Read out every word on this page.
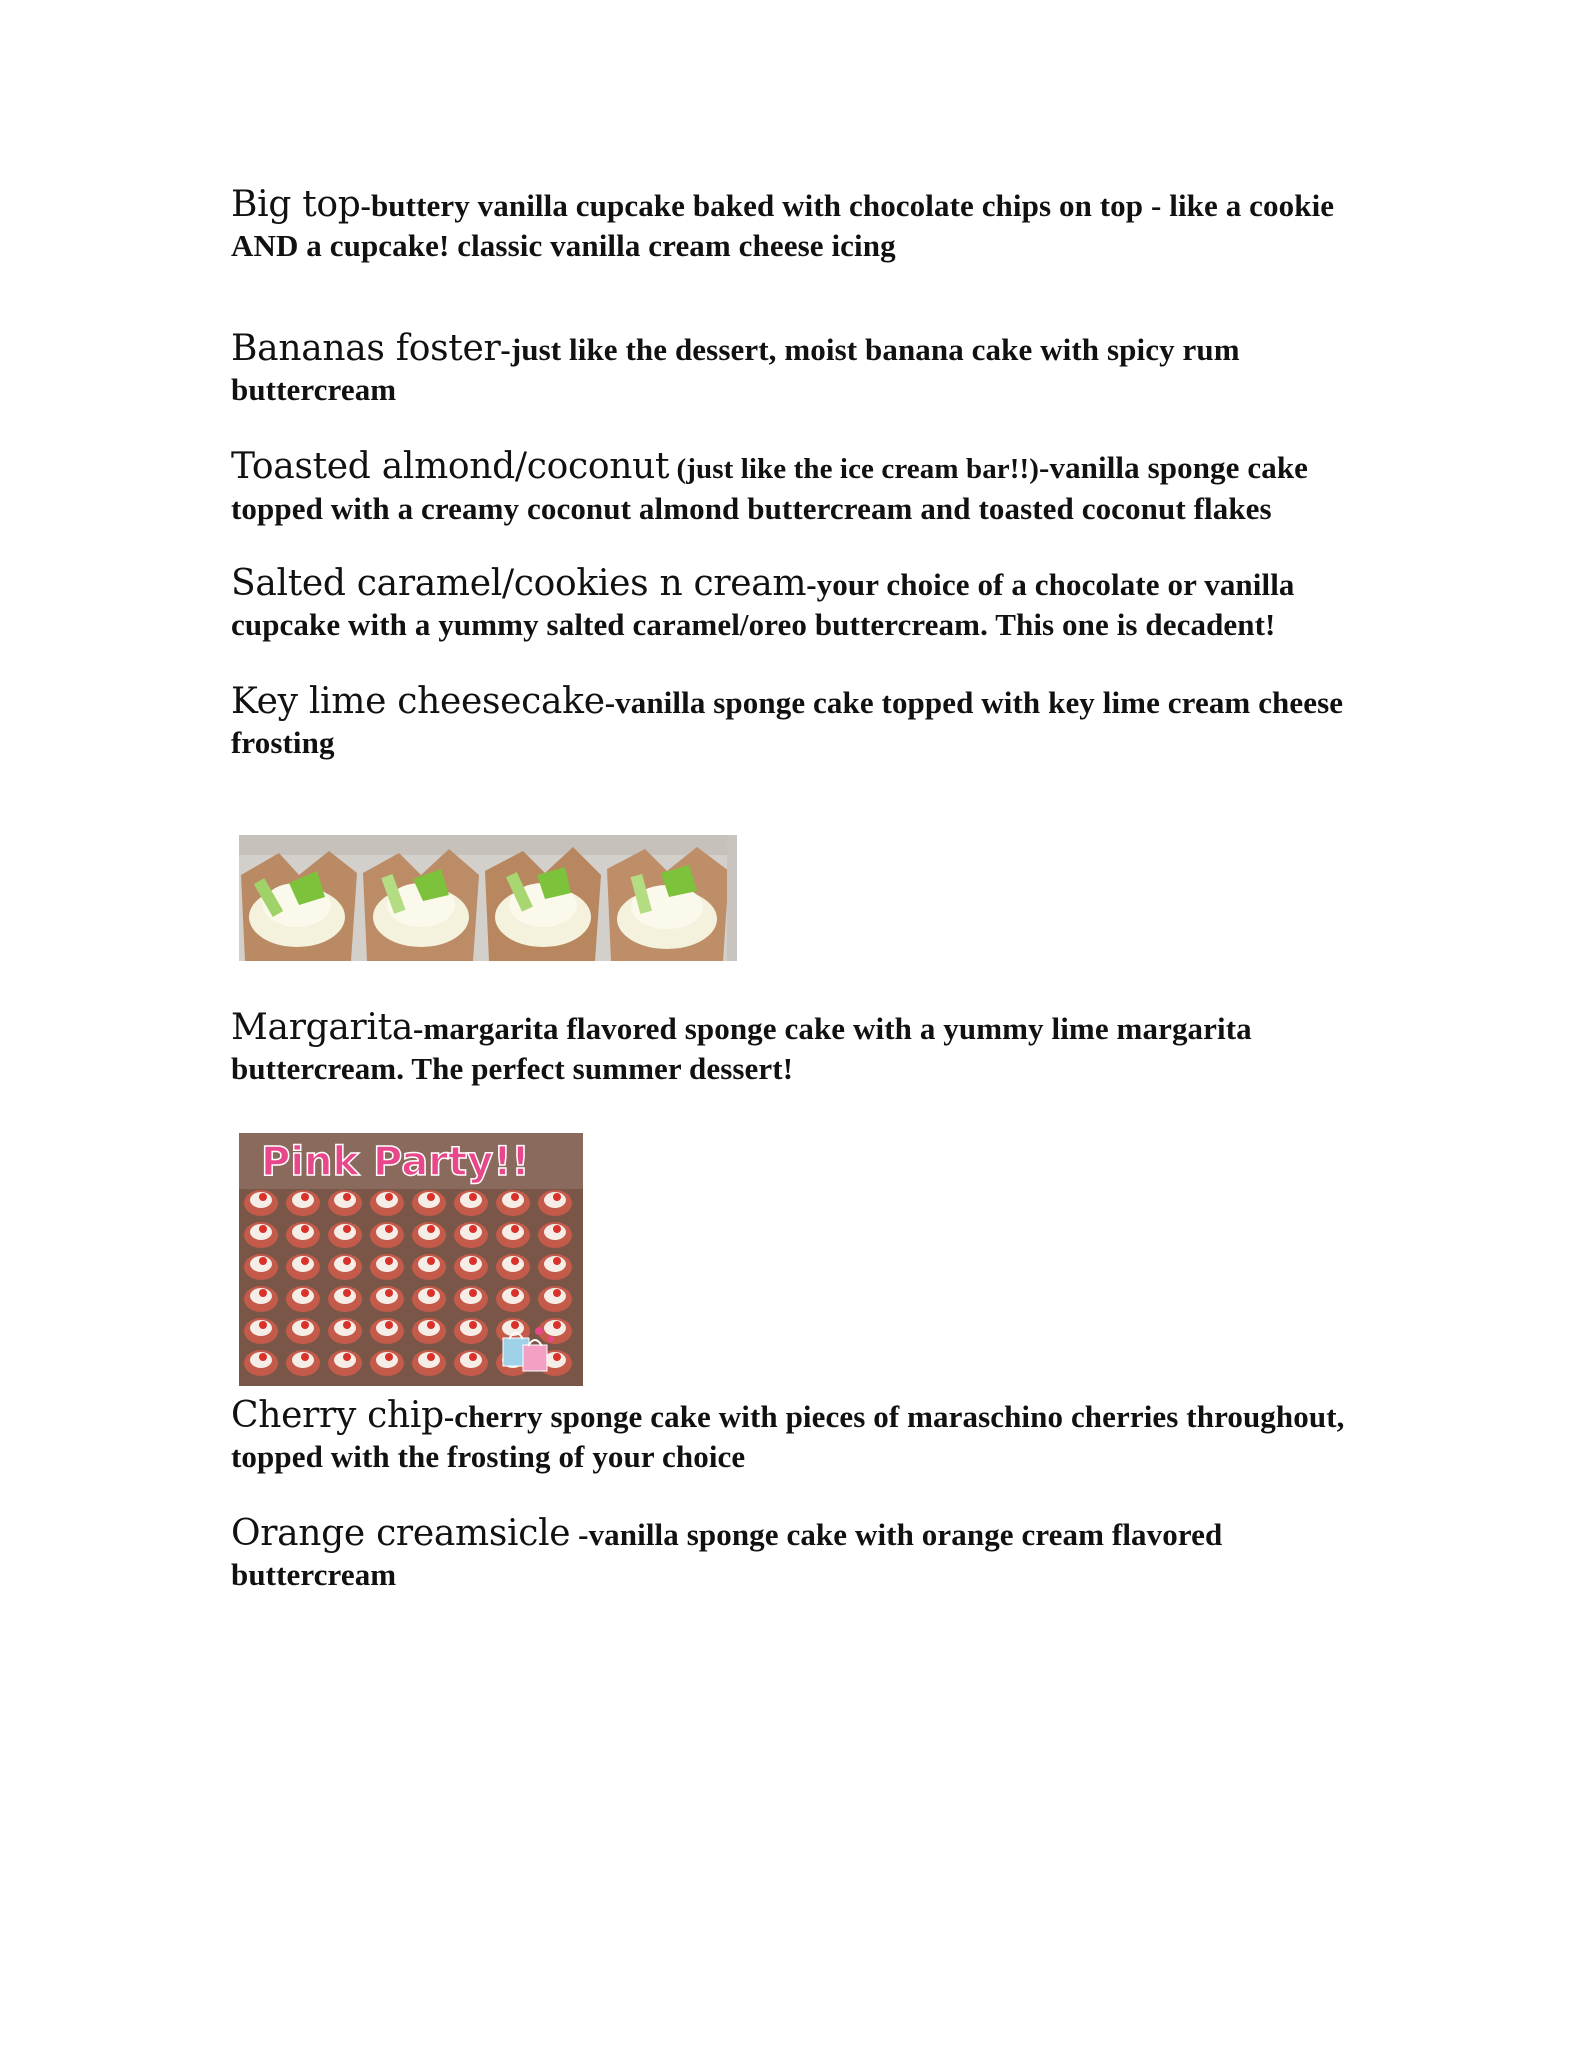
Big top-buttery vanilla cupcake baked with chocolate chips on top - like a cookie AND a cupcake! classic vanilla cream cheese icing
Bananas foster-just like the dessert, moist banana cake with spicy rum buttercream
Toasted almond/coconut (just like the ice cream bar!!)-vanilla sponge cake topped with a creamy coconut almond buttercream and toasted coconut flakes
Salted caramel/cookies n cream-your choice of a chocolate or vanilla cupcake with a yummy salted caramel/oreo buttercream. This one is decadent!
Key lime cheesecake-vanilla sponge cake topped with key lime cream cheese frosting
Margarita-margarita flavored sponge cake with a yummy lime margarita buttercream. The perfect summer dessert!
Pink Party!!
Cherry chip-cherry sponge cake with pieces of maraschino cherries throughout, topped with the frosting of your choice
Orange creamsicle -vanilla sponge cake with orange cream flavored buttercream
